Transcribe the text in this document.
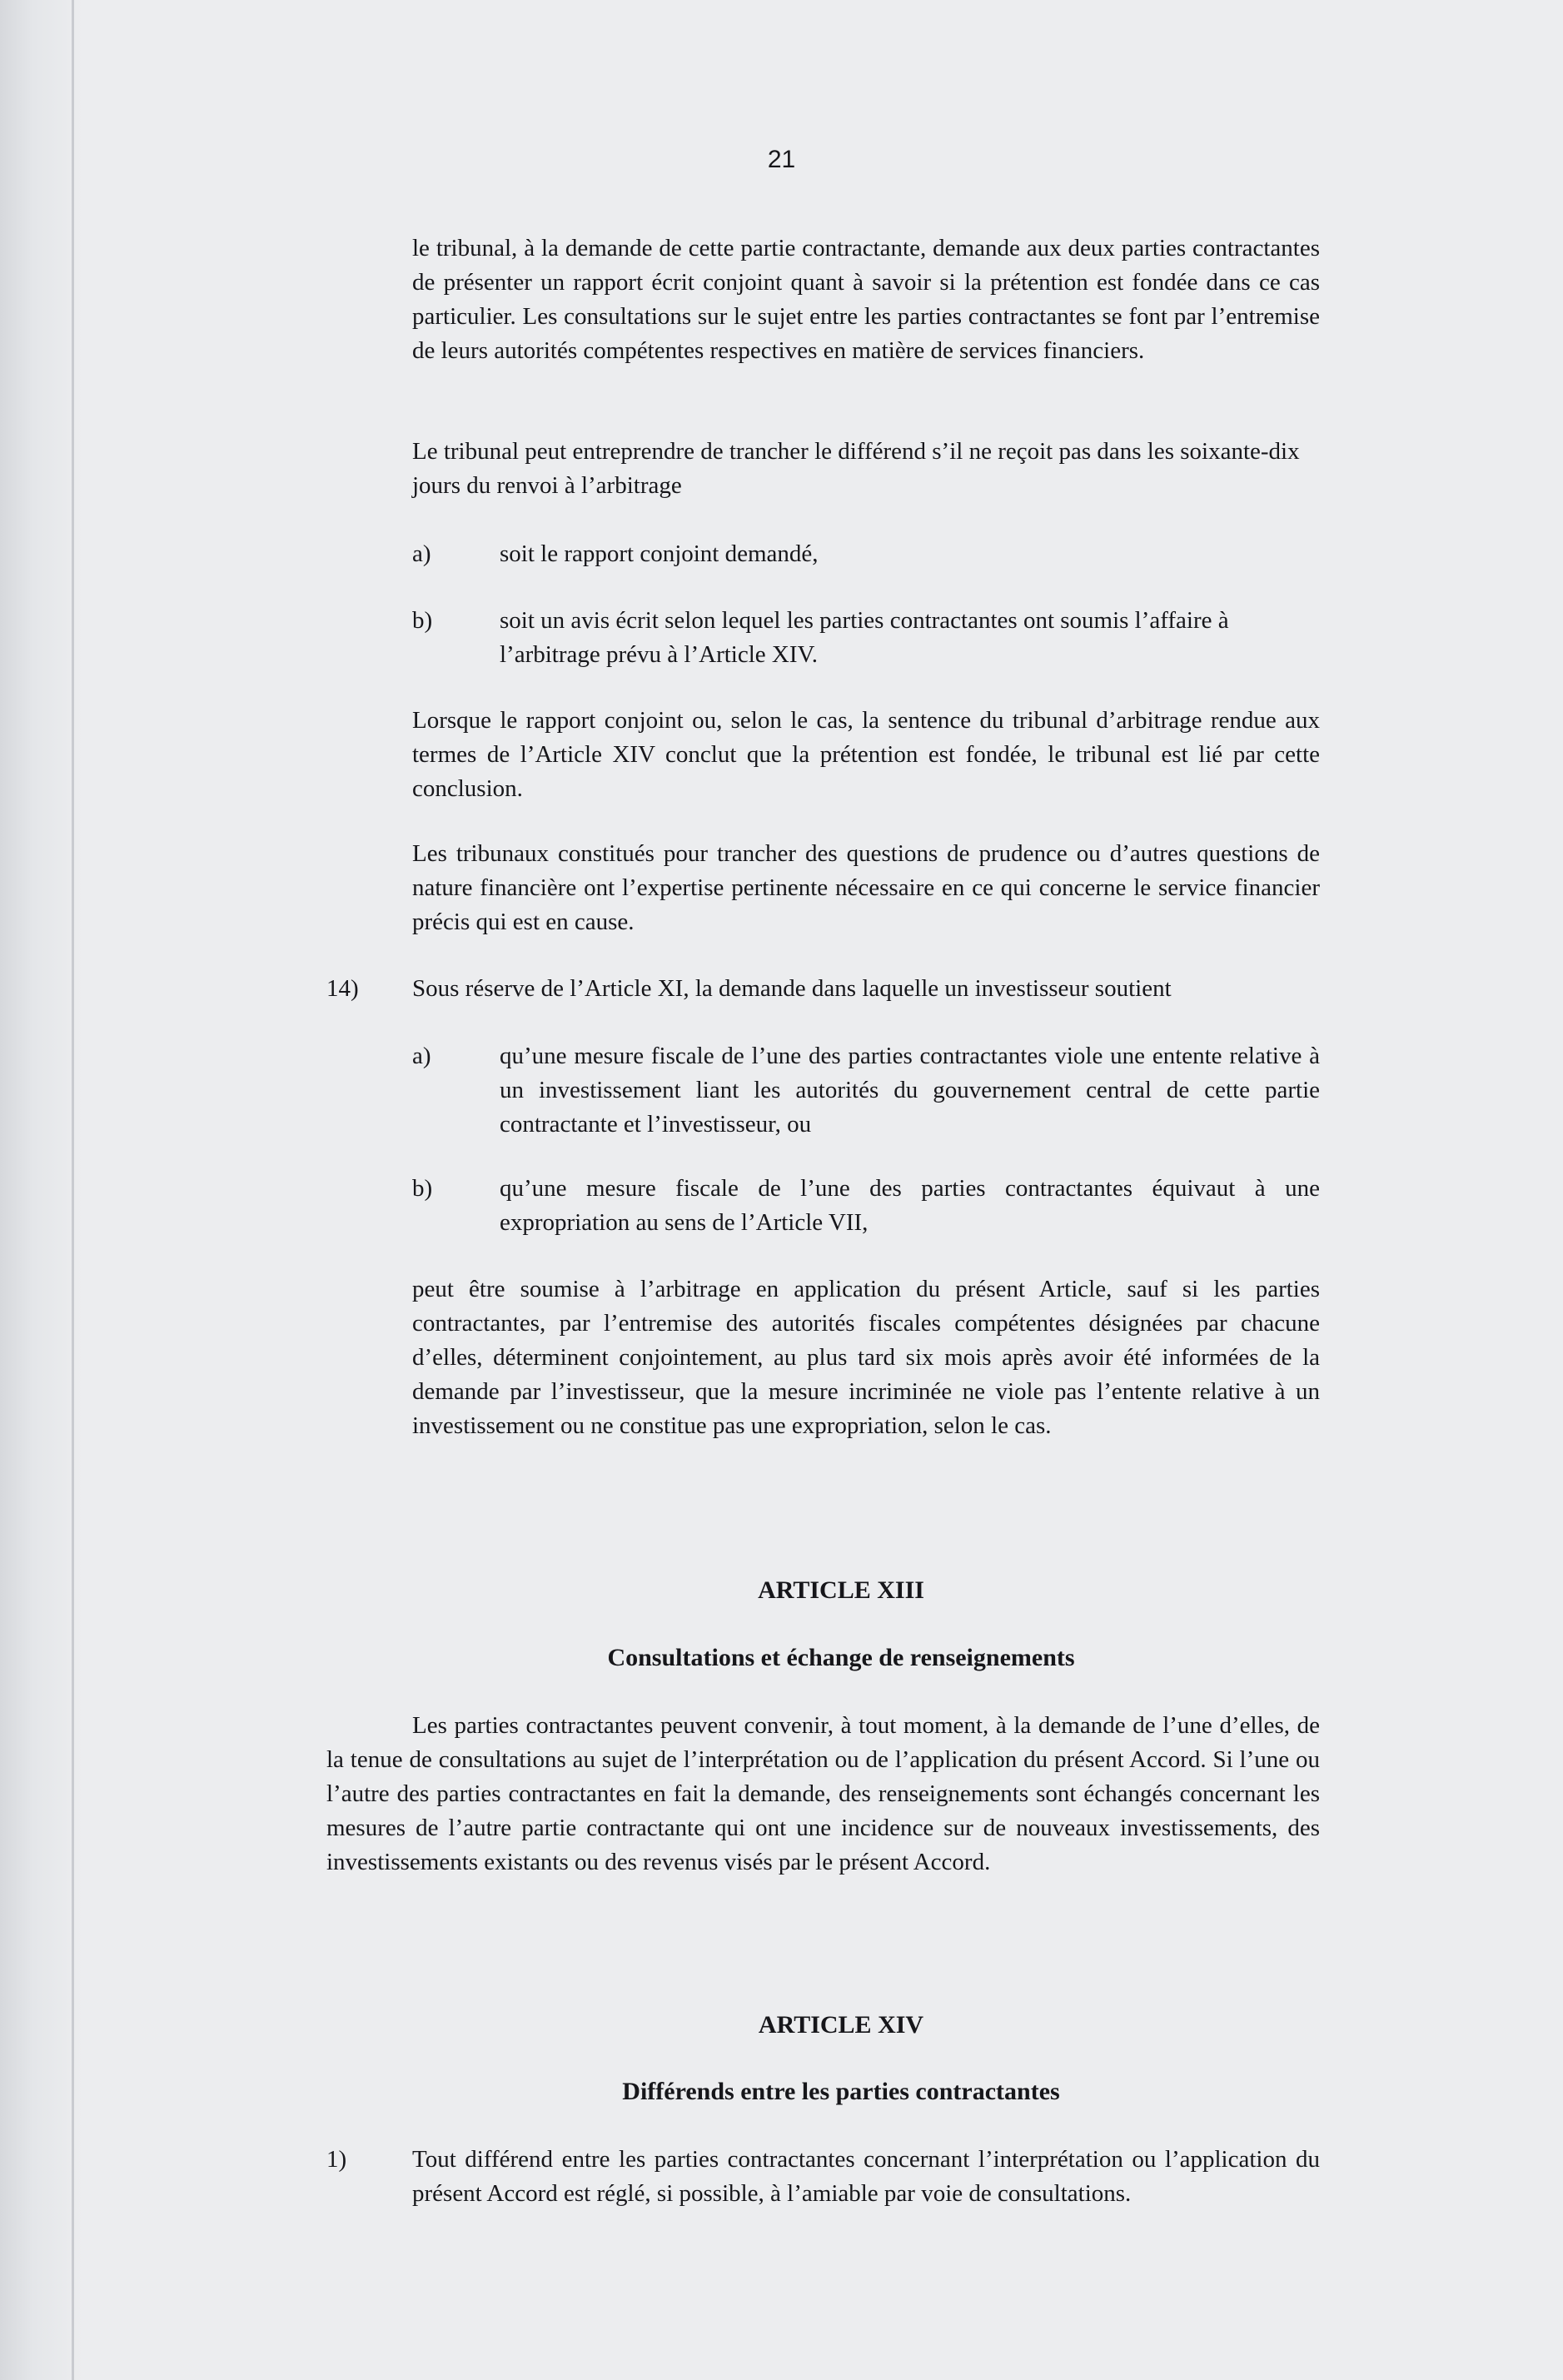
21

le tribunal, à la demande de cette partie contractante, demande aux deux parties contractantes de présenter un rapport écrit conjoint quant à savoir si la prétention est fondée dans ce cas particulier. Les consultations sur le sujet entre les parties contractantes se font par l’entremise de leurs autorités compétentes respectives en matière de services financiers.

Le tribunal peut entreprendre de trancher le différend s’il ne reçoit pas dans les soixante-dix jours du renvoi à l’arbitrage

a)	soit le rapport conjoint demandé,

b)	soit un avis écrit selon lequel les parties contractantes ont soumis l’affaire à l’arbitrage prévu à l’Article XIV.

Lorsque le rapport conjoint ou, selon le cas, la sentence du tribunal d’arbitrage rendue aux termes de l’Article XIV conclut que la prétention est fondée, le tribunal est lié par cette conclusion.

Les tribunaux constitués pour trancher des questions de prudence ou d’autres questions de nature financière ont l’expertise pertinente nécessaire en ce qui concerne le service financier précis qui est en cause.

14) Sous réserve de l’Article XI, la demande dans laquelle un investisseur soutient

a)	qu’une mesure fiscale de l’une des parties contractantes viole une entente relative à un investissement liant les autorités du gouvernement central de cette partie contractante et l’investisseur, ou

b)	qu’une mesure fiscale de l’une des parties contractantes équivaut à une expropriation au sens de l’Article VII,

peut être soumise à l’arbitrage en application du présent Article, sauf si les parties contractantes, par l’entremise des autorités fiscales compétentes désignées par chacune d’elles, déterminent conjointement, au plus tard six mois après avoir été informées de la demande par l’investisseur, que la mesure incriminée ne viole pas l’entente relative à un investissement ou ne constitue pas une expropriation, selon le cas.

ARTICLE XIII
Consultations et échange de renseignements

Les parties contractantes peuvent convenir, à tout moment, à la demande de l’une d’elles, de la tenue de consultations au sujet de l’interprétation ou de l’application du présent Accord. Si l’une ou l’autre des parties contractantes en fait la demande, des renseignements sont échangés concernant les mesures de l’autre partie contractante qui ont une incidence sur de nouveaux investissements, des investissements existants ou des revenus visés par le présent Accord.

ARTICLE XIV
Différends entre les parties contractantes
1)	Tout différend entre les parties contractantes concernant l’interprétation ou l’application du présent Accord est réglé, si possible, à l’amiable par voie de consultations.
